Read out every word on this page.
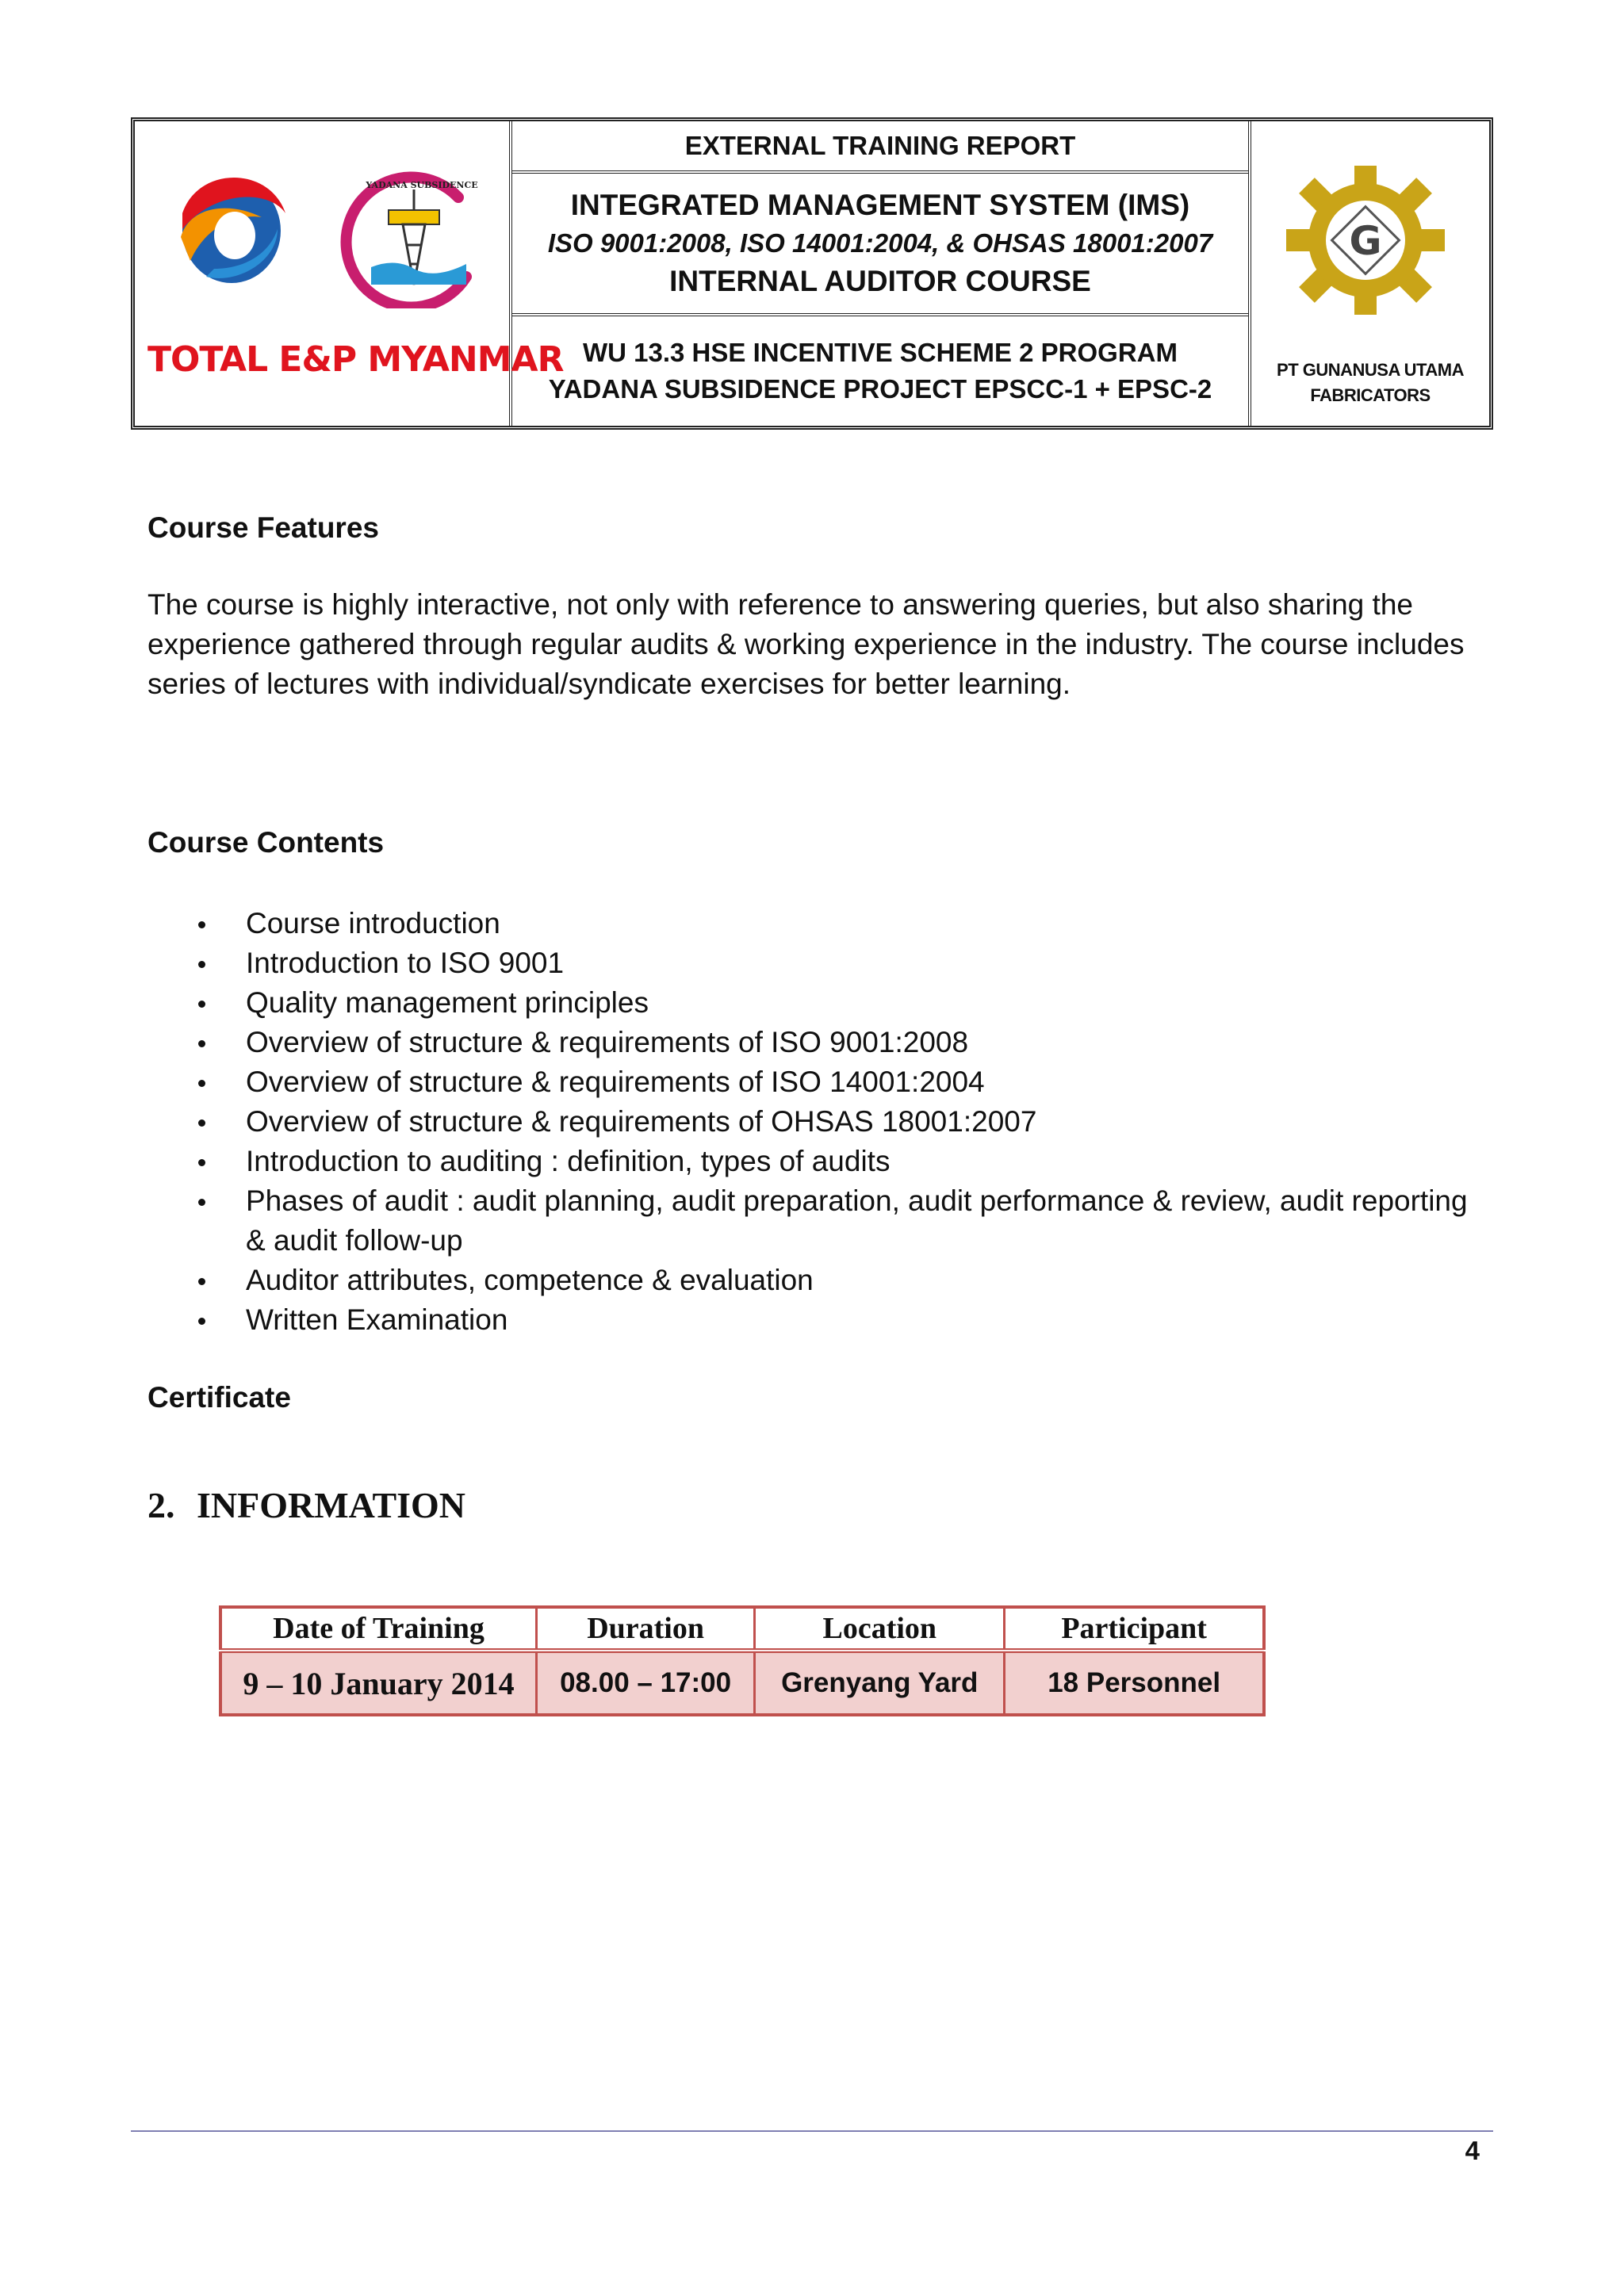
YADANA SUBSIDENCE
TOTAL E&P MYANMAR
EXTERNAL TRAINING REPORT
INTEGRATED MANAGEMENT SYSTEM (IMS)
ISO 9001:2008, ISO 14001:2004, & OHSAS 18001:2007
INTERNAL AUDITOR COURSE
WU 13.3 HSE INCENTIVE SCHEME 2 PROGRAM
YADANA SUBSIDENCE PROJECT EPSCC-1 + EPSC-2
G
PT GUNANUSA UTAMA
FABRICATORS
Course Features

The course is highly interactive, not only with reference to answering queries, but also sharing the experience gathered through regular audits & working experience in the industry. The course includes series of lectures with individual/syndicate exercises for better learning.

Course Contents
Course introduction
Introduction to ISO 9001
Quality management principles
Overview of structure & requirements of ISO 9001:2008
Overview of structure & requirements of ISO 14001:2004
Overview of structure & requirements of OHSAS 18001:2007
Introduction to auditing : definition, types of audits
Phases of audit : audit planning, audit preparation, audit performance & review, audit reporting & audit follow-up
Auditor attributes, competence & evaluation
Written Examination
Certificate
2. INFORMATION
Date of Training	Duration	Location	Participant
9 – 10 January 2014	08.00 – 17:00	Grenyang Yard	18 Personnel
4
